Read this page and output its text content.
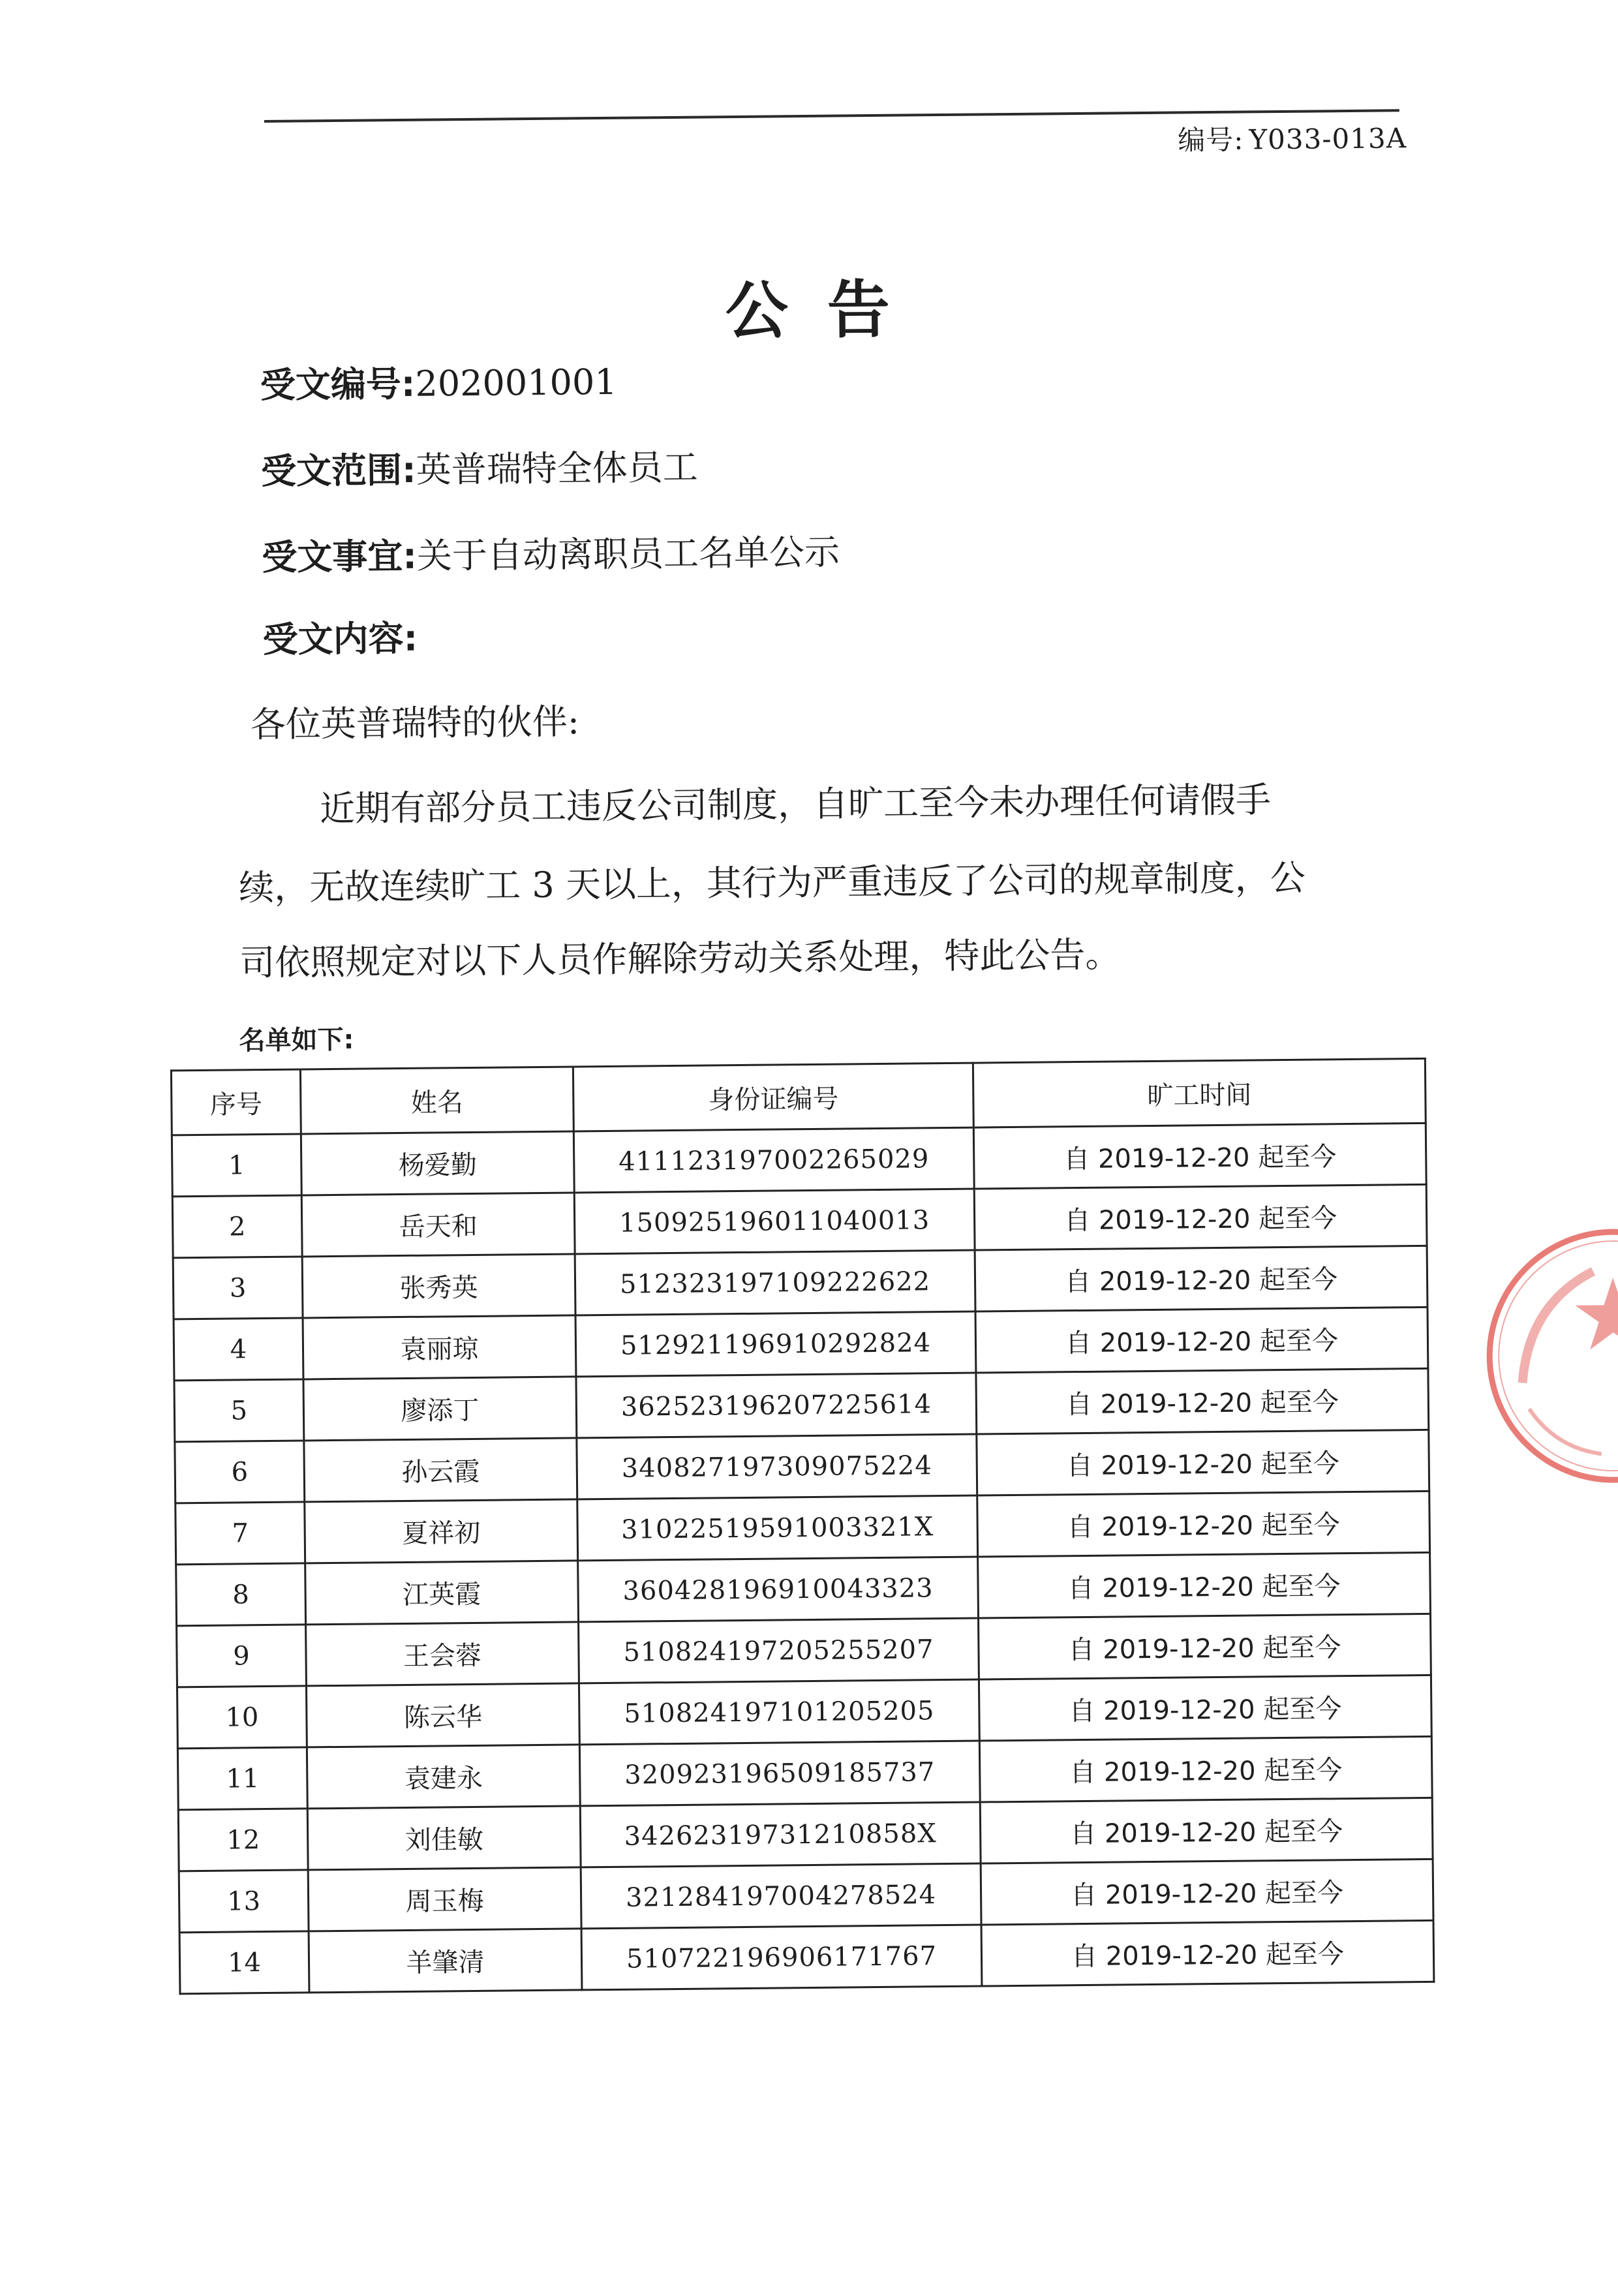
编号: Y033-013A
公告
受文编号:202001001
受文范围:英普瑞特全体员工
受文事宜:关于自动离职员工名单公示
受文内容:
各位英普瑞特的伙伴:
近期有部分员工违反公司制度，自旷工至今未办理任何请假手
续，无故连续旷工 3 天以上，其行为严重违反了公司的规章制度，公
司依照规定对以下人员作解除劳动关系处理，特此公告。
名单如下:
序号	姓名	身份证编号	旷工时间
1	杨爱勤	411123197002265029	自 2019-12-20 起至今
2	岳天和	150925196011040013	自 2019-12-20 起至今
3	张秀英	512323197109222622	自 2019-12-20 起至今
4	袁丽琼	512921196910292824	自 2019-12-20 起至今
5	廖添丁	362523196207225614	自 2019-12-20 起至今
6	孙云霞	340827197309075224	自 2019-12-20 起至今
7	夏祥初	31022519591003321X	自 2019-12-20 起至今
8	江英霞	360428196910043323	自 2019-12-20 起至今
9	王会蓉	510824197205255207	自 2019-12-20 起至今
10	陈云华	510824197101205205	自 2019-12-20 起至今
11	袁建永	320923196509185737	自 2019-12-20 起至今
12	刘佳敏	34262319731210858X	自 2019-12-20 起至今
13	周玉梅	321284197004278524	自 2019-12-20 起至今
14	羊肇清	510722196906171767	自 2019-12-20 起至今
